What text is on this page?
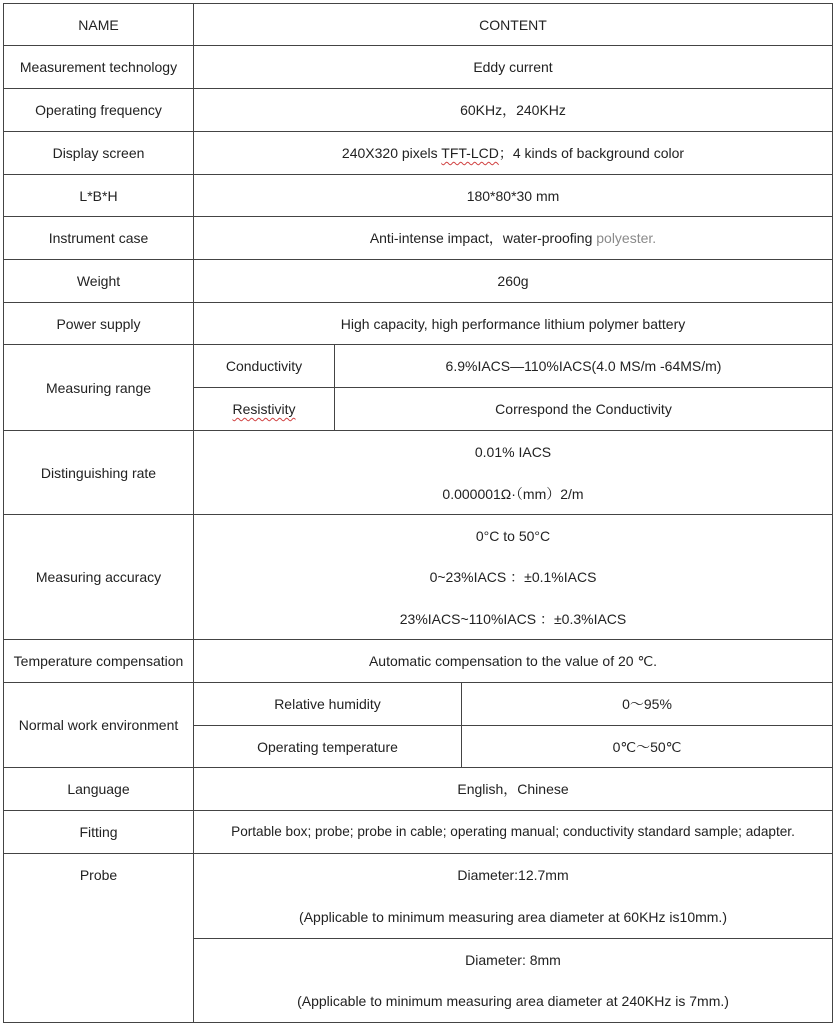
NAME	CONTENT		
Measurement technology	Eddy current		
Operating frequency	60KHz，240KHz		
Display screen	240X320 pixels TFT-LCD；4 kinds of background color		
L*B*H	180*80*30 mm		
Instrument case	Anti-intense impact，water-proofing polyester.		
Weight	260g		
Power supply	High capacity, high performance lithium polymer battery		
Measuring range	Conductivity	6.9%IACS—110%IACS(4.0 MS/m -64MS/m)	
	Resistivity	Correspond the Conductivity	
Distinguishing rate	0.01% IACS
0.000001Ω·（mm）2/m		

Measuring accuracy	0°C to 50°C
0~23%IACS ：±0.1%IACS
23%IACS~110%IACS ：±0.3%IACS		

Temperature compensation	Automatic compensation to the value of 20 ℃.		
Normal work environment	Relative humidity		0～95%
	Operating temperature		0℃～50℃
Language	English，Chinese		
Fitting	Portable box; probe; probe in cable; operating manual; conductivity standard sample; adapter.		
Probe	Diameter:12.7mm
(Applicable to minimum measuring area diameter at 60KHz is10mm.)		

	Diameter: 8mm
(Applicable to minimum measuring area diameter at 240KHz is 7mm.)		
